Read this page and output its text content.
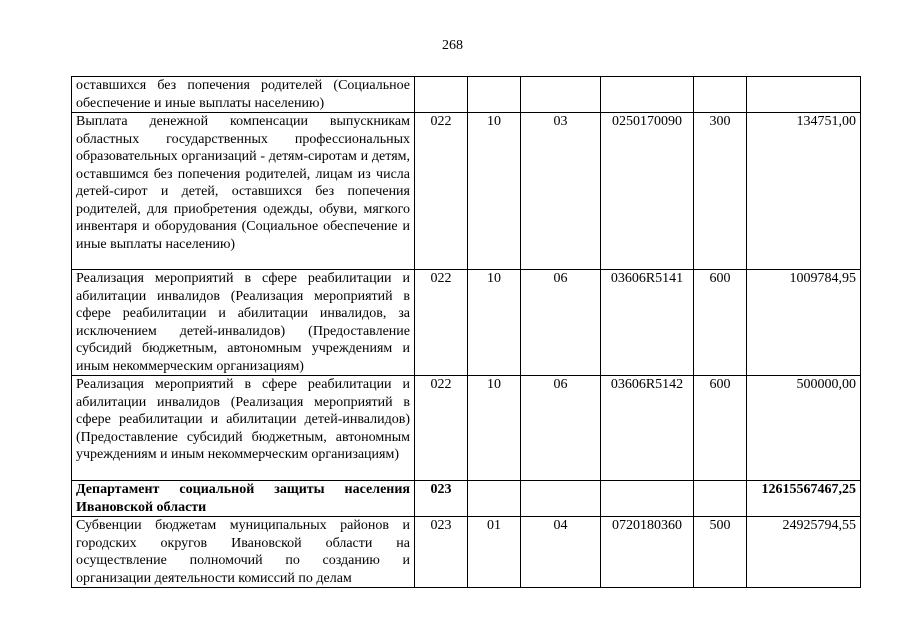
268
оставшихся без попечения родителей (Социальное обеспечение и иные выплаты населению)						
Выплата денежной компенсации выпускникам областных государственных профессиональных образовательных организаций - детям-сиротам и детям, оставшимся без попечения родителей, лицам из числа детей-сирот и детей, оставшихся без попечения родителей, для приобретения одежды, обуви, мягкого инвентаря и оборудования (Социальное обеспечение и иные выплаты населению)	022	10	03	0250170090	300	134751,00
Реализация мероприятий в сфере реабилитации и абилитации инвалидов (Реализация мероприятий в сфере реабилитации и абилитации инвалидов, за исключением детей-инвалидов) (Предоставление субсидий бюджетным, автономным учреждениям и иным некоммерческим организациям)	022	10	06	03606R5141	600	1009784,95
Реализация мероприятий в сфере реабилитации и абилитации инвалидов (Реализация мероприятий в сфере реабилитации и абилитации детей-инвалидов) (Предоставление субсидий бюджетным, автономным учреждениям и иным некоммерческим организациям)	022	10	06	03606R5142	600	500000,00
Департамент социальной защиты населения Ивановской области	023					12615567467,25

Субвенции бюджетам муниципальных районов и городских округов Ивановской области на осуществление полномочий по созданию и организации деятельности комиссий по делам	023	01	04	0720180360	500	24925794,55
